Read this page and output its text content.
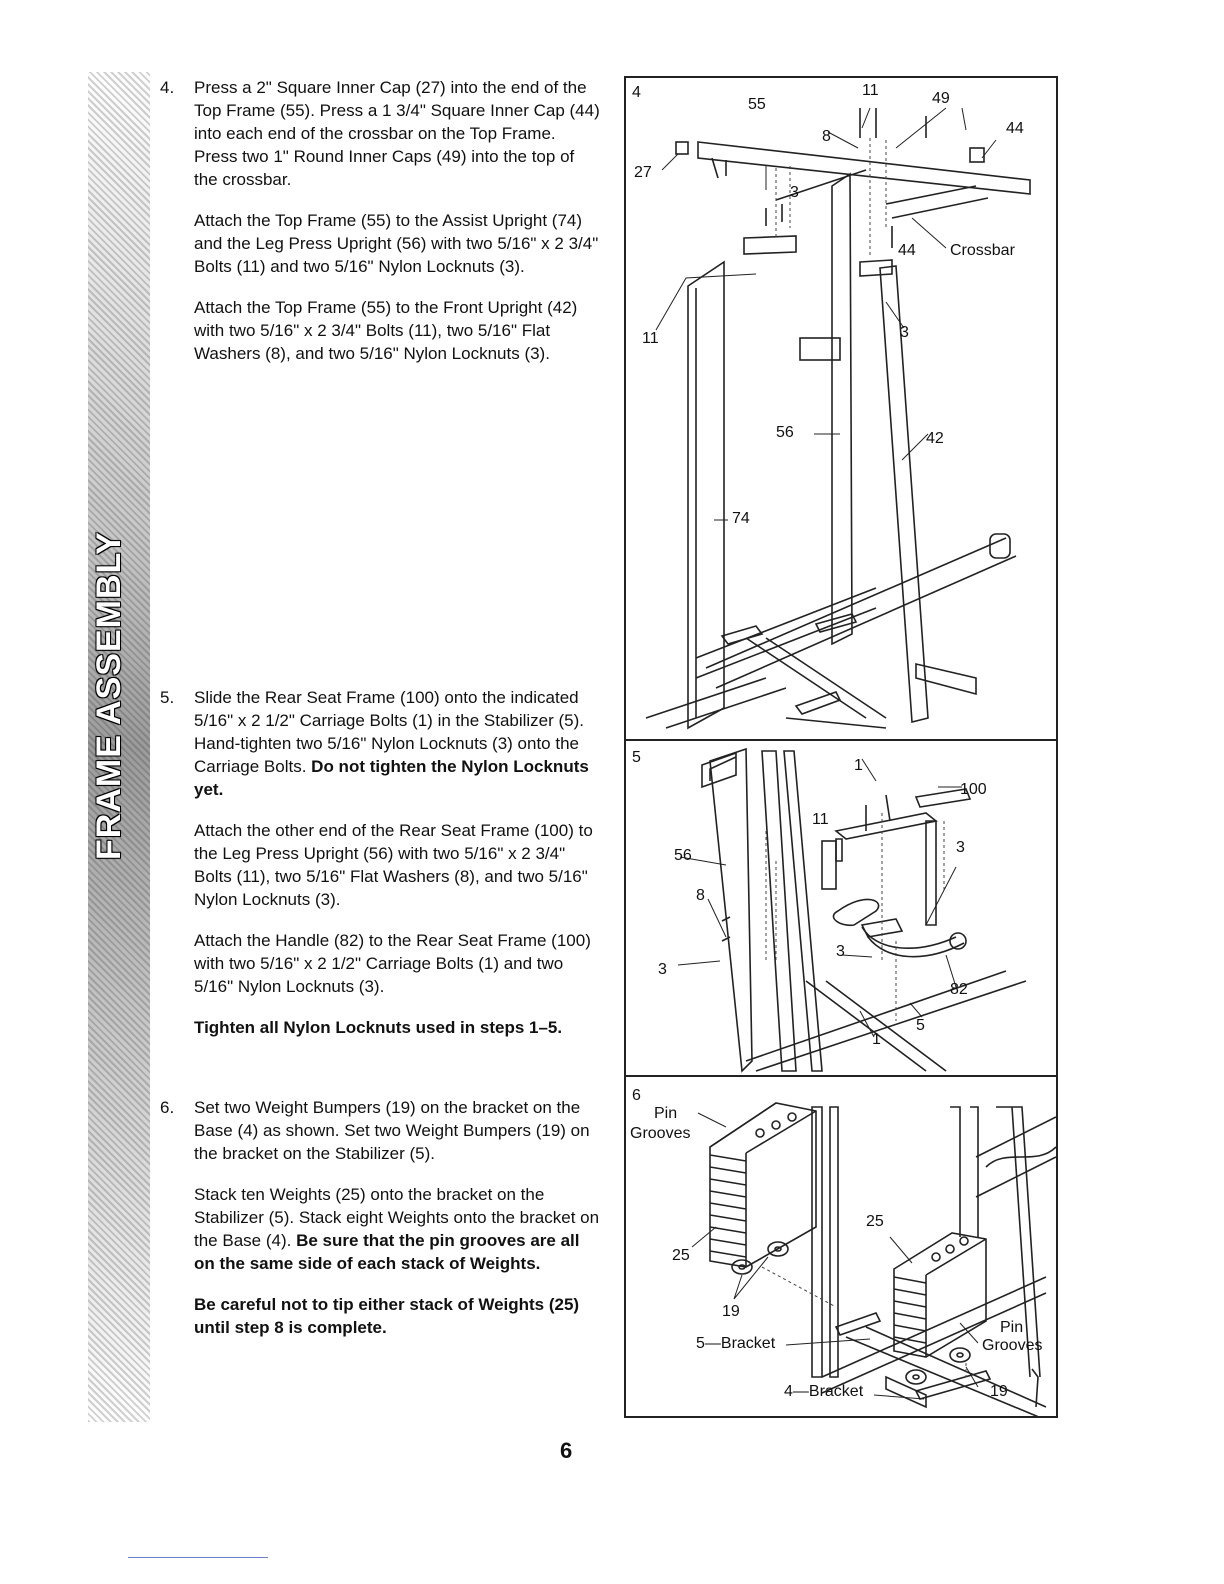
FRAME ASSEMBLY
4. Press a 2" Square Inner Cap (27) into the end of the Top Frame (55). Press a 1 3/4" Square Inner Cap (44) into each end of the crossbar on the Top Frame. Press two 1" Round Inner Caps (49) into the top of the crossbar.
Attach the Top Frame (55) to the Assist Upright (74) and the Leg Press Upright (56) with two 5/16" x 2 3/4" Bolts (11) and two 5/16" Nylon Locknuts (3).
Attach the Top Frame (55) to the Front Upright (42) with two 5/16" x 2 3/4" Bolts (11), two 5/16" Flat Washers (8), and two 5/16" Nylon Locknuts (3).
5. Slide the Rear Seat Frame (100) onto the indicated 5/16" x 2 1/2" Carriage Bolts (1) in the Stabilizer (5). Hand-tighten two 5/16" Nylon Locknuts (3) onto the Carriage Bolts. Do not tighten the Nylon Locknuts yet.
Attach the other end of the Rear Seat Frame (100) to the Leg Press Upright (56) with two 5/16" x 2 3/4" Bolts (11), two 5/16" Flat Washers (8), and two 5/16" Nylon Locknuts (3).
Attach the Handle (82) to the Rear Seat Frame (100) with two 5/16" x 2 1/2" Carriage Bolts (1) and two 5/16" Nylon Locknuts (3).
Tighten all Nylon Locknuts used in steps 1–5.
6. Set two Weight Bumpers (19) on the bracket on the Base (4) as shown. Set two Weight Bumpers (19) on the bracket on the Stabilizer (5).
Stack ten Weights (25) onto the bracket on the Stabilizer (5). Stack eight Weights onto the bracket on the Base (4). Be sure that the pin grooves are all on the same side of each stack of Weights.
Be careful not to tip either stack of Weights (25) until step 8 is complete.
55
11	49
8	44
27
3
44 Crossbar
11	3
56	42
74
4
5	1
100
11
56	3
8
3
82
3
5
1
6
Pin
Grooves
25
25
19
5—Bracket
Pin
Grooves
4—Bracket	19
6
